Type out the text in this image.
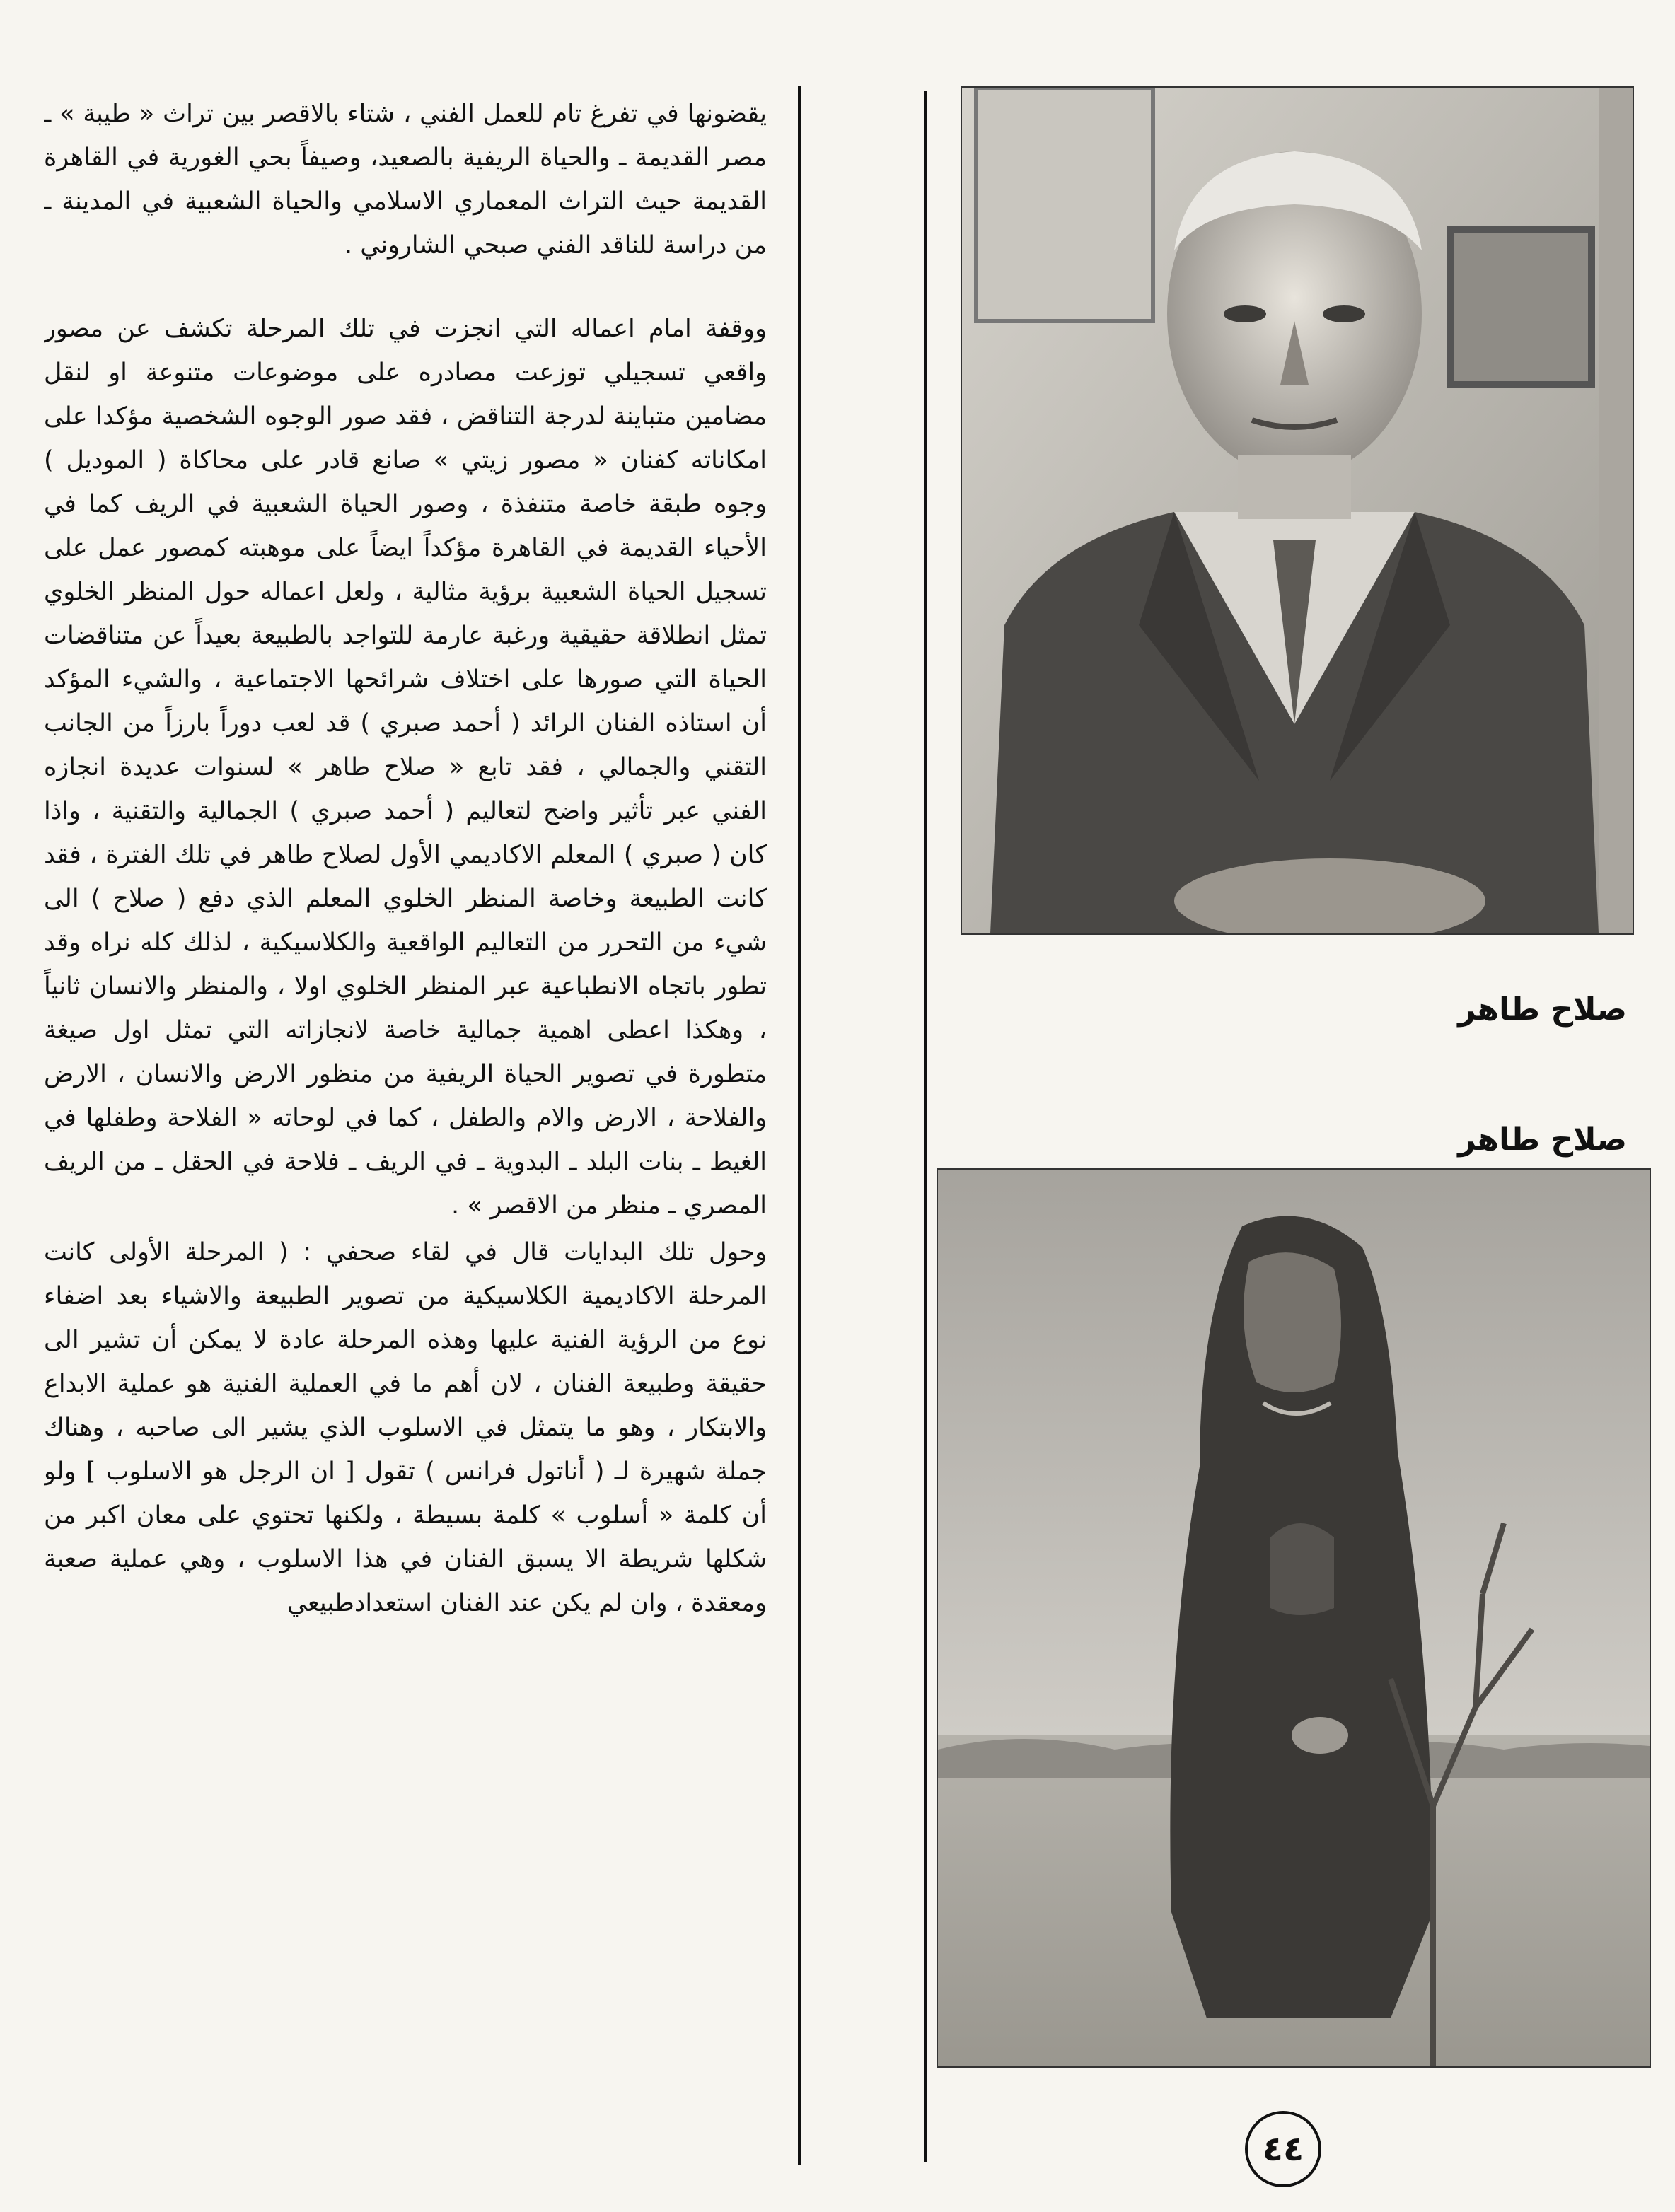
يقضونها في تفرغ تام للعمل الفني ، شتاء بالاقصر بين تراث « طيبة » ـ مصر القديمة ـ والحياة الريفية بالصعيد، وصيفاً بحي الغورية في القاهرة القديمة حيث التراث المعماري الاسلامي والحياة الشعبية في المدينة ـ من دراسة للناقد الفني صبحي الشاروني .

ووقفة امام اعماله التي انجزت في تلك المرحلة تكشف عن مصور واقعي تسجيلي توزعت مصادره على موضوعات متنوعة او لنقل مضامين متباينة لدرجة التناقض ، فقد صور الوجوه الشخصية مؤكدا على امكاناته كفنان « مصور زيتي » صانع قادر على محاكاة ( الموديل ) وجوه طبقة خاصة متنفذة ، وصور الحياة الشعبية في الريف كما في الأحياء القديمة في القاهرة مؤكداً ايضاً على موهبته كمصور عمل على تسجيل الحياة الشعبية برؤية مثالية ، ولعل اعماله حول المنظر الخلوي تمثل انطلاقة حقيقية ورغبة عارمة للتواجد بالطبيعة بعيداً عن متناقضات الحياة التي صورها على اختلاف شرائحها الاجتماعية ، والشيء المؤكد أن استاذه الفنان الرائد ( أحمد صبري ) قد لعب دوراً بارزاً من الجانب التقني والجمالي ، فقد تابع « صلاح طاهر » لسنوات عديدة انجازه الفني عبر تأثير واضح لتعاليم ( أحمد صبري ) الجمالية والتقنية ، واذا كان ( صبري ) المعلم الاكاديمي الأول لصلاح طاهر في تلك الفترة ، فقد كانت الطبيعة وخاصة المنظر الخلوي المعلم الذي دفع ( صلاح ) الى شيء من التحرر من التعاليم الواقعية والكلاسيكية ، لذلك كله نراه وقد تطور باتجاه الانطباعية عبر المنظر الخلوي اولا ، والمنظر والانسان ثانياً ، وهكذا اعطى اهمية جمالية خاصة لانجازاته التي تمثل اول صيغة متطورة في تصوير الحياة الريفية من منظور الارض والانسان ، الارض والفلاحة ، الارض والام والطفل ، كما في لوحاته « الفلاحة وطفلها في الغيط ـ بنات البلد ـ البدوية ـ في الريف ـ فلاحة في الحقل ـ من الريف المصري ـ منظر من الاقصر » .

وحول تلك البدايات قال في لقاء صحفي : ( المرحلة الأولى كانت المرحلة الاكاديمية الكلاسيكية من تصوير الطبيعة والاشياء بعد اضفاء نوع من الرؤية الفنية عليها وهذه المرحلة عادة لا يمكن أن تشير الى حقيقة وطبيعة الفنان ، لان أهم ما في العملية الفنية هو عملية الابداع والابتكار ، وهو ما يتمثل في الاسلوب الذي يشير الى صاحبه ، وهناك جملة شهيرة لـ ( أناتول فرانس ) تقول [ ان الرجل هو الاسلوب ] ولو أن كلمة « أسلوب » كلمة بسيطة ، ولكنها تحتوي على معان اكبر من شكلها شريطة الا يسبق الفنان في هذا الاسلوب ، وهي عملية صعبة ومعقدة ، وان لم يكن عند الفنان استعدادطبيعي

صلاح طاهر
صلاح طاهر
٤٤
